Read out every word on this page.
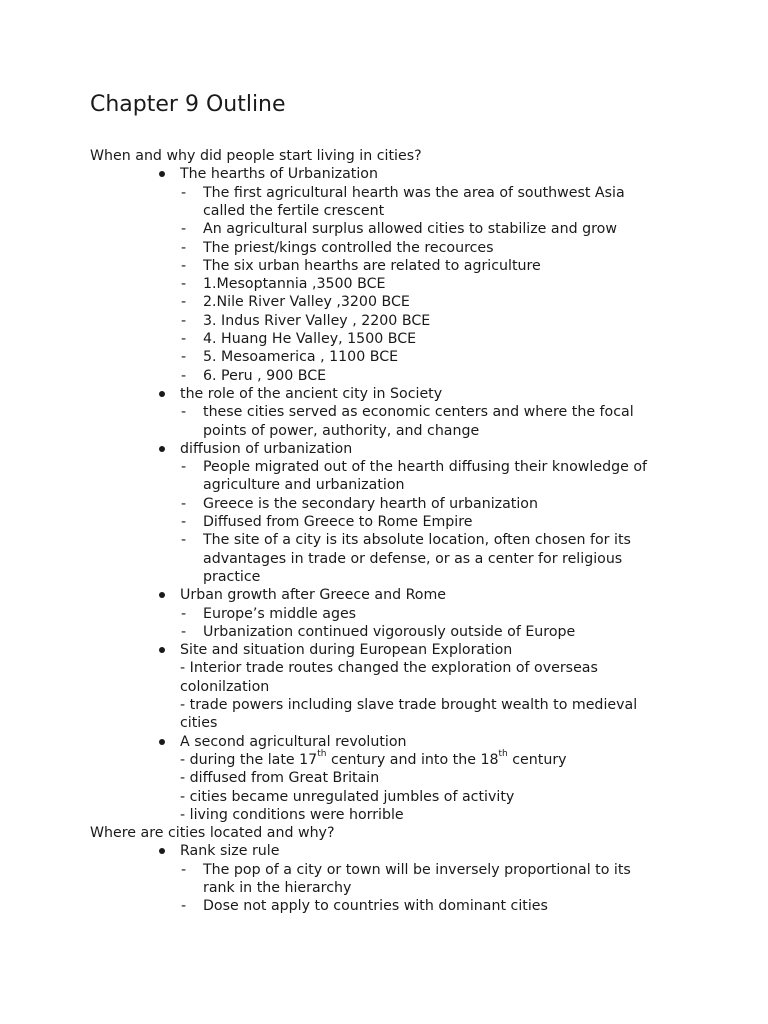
Chapter 9 Outline
When and why did people start living in cities?
The hearths of Urbanization
- The first agricultural hearth was the area of southwest Asia
called the fertile crescent
- An agricultural surplus allowed cities to stabilize and grow
- The priest/kings controlled the recources
- The six urban hearths are related to agriculture
- 1.Mesoptannia ,3500 BCE
- 2.Nile River Valley ,3200 BCE
- 3. Indus River Valley , 2200 BCE
- 4. Huang He Valley, 1500 BCE
- 5. Mesoamerica , 1100 BCE
- 6. Peru , 900 BCE
the role of the ancient city in Society
- these cities served as economic centers and where the focal
points of power, authority, and change
diffusion of urbanization
- People migrated out of the hearth diffusing their knowledge of
agriculture and urbanization
- Greece is the secondary hearth of urbanization
- Diffused from Greece to Rome Empire
- The site of a city is its absolute location, often chosen for its
advantages in trade or defense, or as a center for religious
practice
Urban growth after Greece and Rome
- Europe’s middle ages
- Urbanization continued vigorously outside of Europe
Site and situation during European Exploration
- Interior trade routes changed the exploration of overseas
colonilzation
- trade powers including slave trade brought wealth to medieval
cities
A second agricultural revolution
- during the late 17th century and into the 18th century
- diffused from Great Britain
- cities became unregulated jumbles of activity
- living conditions were horrible
Where are cities located and why?
Rank size rule
- The pop of a city or town will be inversely proportional to its
rank in the hierarchy
- Dose not apply to countries with dominant cities
